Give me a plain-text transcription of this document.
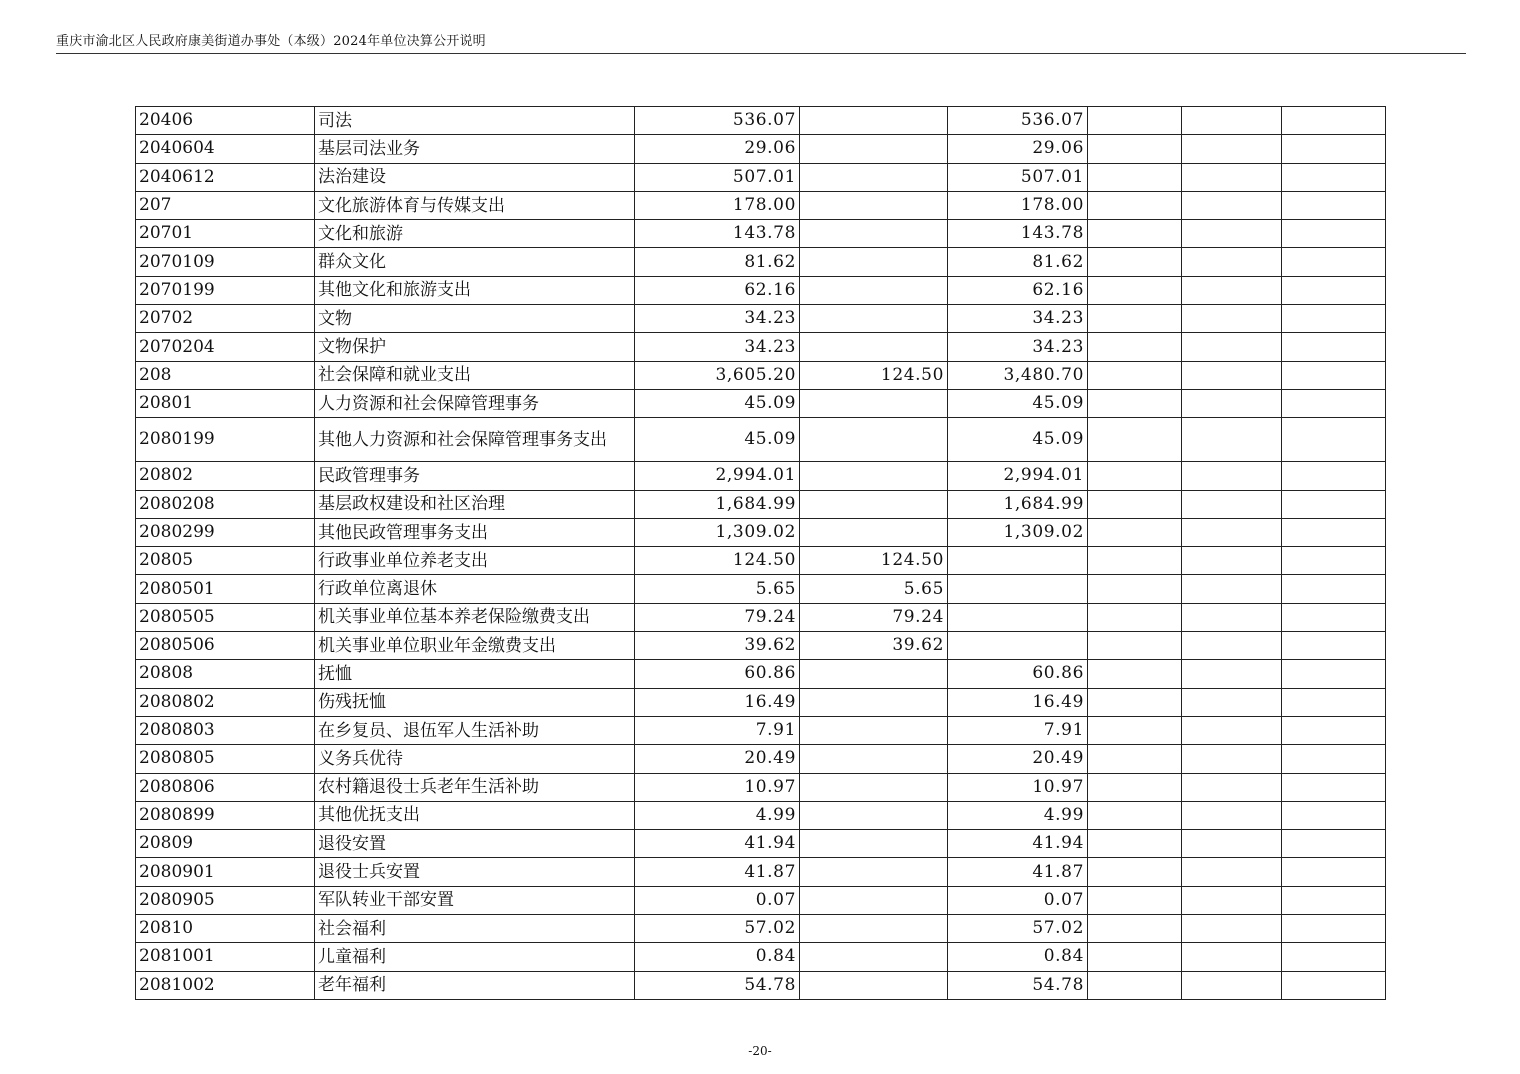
重庆市渝北区人民政府康美街道办事处（本级）2024年单位决算公开说明
20406	司法	536.07		536.07			
2040604	基层司法业务	29.06		29.06			
2040612	法治建设	507.01		507.01			
207	文化旅游体育与传媒支出	178.00		178.00			
20701	文化和旅游	143.78		143.78			
2070109	群众文化	81.62		81.62			
2070199	其他文化和旅游支出	62.16		62.16			
20702	文物	34.23		34.23			
2070204	文物保护	34.23		34.23			
208	社会保障和就业支出	3,605.20	124.50	3,480.70			
20801	人力资源和社会保障管理事务	45.09		45.09			
2080199	其他人力资源和社会保障管理事务支出	45.09		45.09			
20802	民政管理事务	2,994.01		2,994.01			
2080208	基层政权建设和社区治理	1,684.99		1,684.99			
2080299	其他民政管理事务支出	1,309.02		1,309.02			
20805	行政事业单位养老支出	124.50	124.50				
2080501	行政单位离退休	5.65	5.65				
2080505	机关事业单位基本养老保险缴费支出	79.24	79.24				
2080506	机关事业单位职业年金缴费支出	39.62	39.62				
20808	抚恤	60.86		60.86			
2080802	伤残抚恤	16.49		16.49			
2080803	在乡复员、退伍军人生活补助	7.91		7.91			
2080805	义务兵优待	20.49		20.49			
2080806	农村籍退役士兵老年生活补助	10.97		10.97			
2080899	其他优抚支出	4.99		4.99			
20809	退役安置	41.94		41.94			
2080901	退役士兵安置	41.87		41.87			
2080905	军队转业干部安置	0.07		0.07			
20810	社会福利	57.02		57.02			
2081001	儿童福利	0.84		0.84			
2081002	老年福利	54.78		54.78			
-20-
